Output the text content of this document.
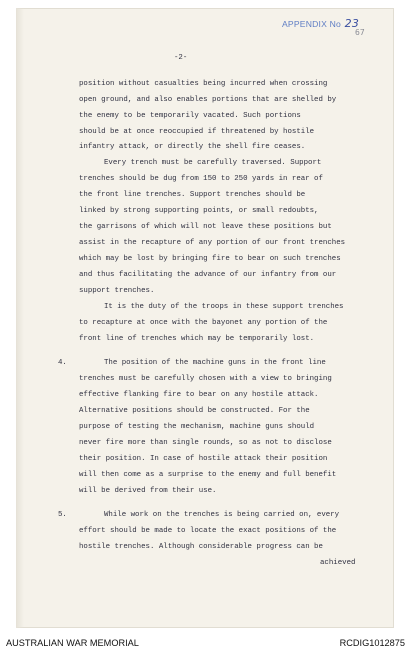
APPENDIX No 23
67
-2-
position without casualties being incurred when crossing
open ground, and also enables portions that are shelled by
the enemy to be temporarily vacated. Such portions
should be at once reoccupied if threatened by hostile
infantry attack, or directly the shell fire ceases.
Every trench must be carefully traversed. Support
trenches should be dug from 150 to 250 yards in rear of
the front line trenches. Support trenches should be
linked by strong supporting points, or small redoubts,
the garrisons of which will not leave these positions but
assist in the recapture of any portion of our front trenches
which may be lost by bringing fire to bear on such trenches
and thus facilitating the advance of our infantry from our
support trenches.
It is the duty of the troops in these support trenches
to recapture at once with the bayonet any portion of the
front line of trenches which may be temporarily lost.
4.	The position of the machine guns in the front line
trenches must be carefully chosen with a view to bringing
effective flanking fire to bear on any hostile attack.
Alternative positions should be constructed. For the
purpose of testing the mechanism, machine guns should
never fire more than single rounds, so as not to disclose
their position. In case of hostile attack their position
will then come as a surprise to the enemy and full benefit
will be derived from their use.
5.	While work on the trenches is being carried on, every
effort should be made to locate the exact positions of the
hostile trenches. Although considerable progress can be
achieved
AUSTRALIAN WAR MEMORIAL	RCDIG1012875
